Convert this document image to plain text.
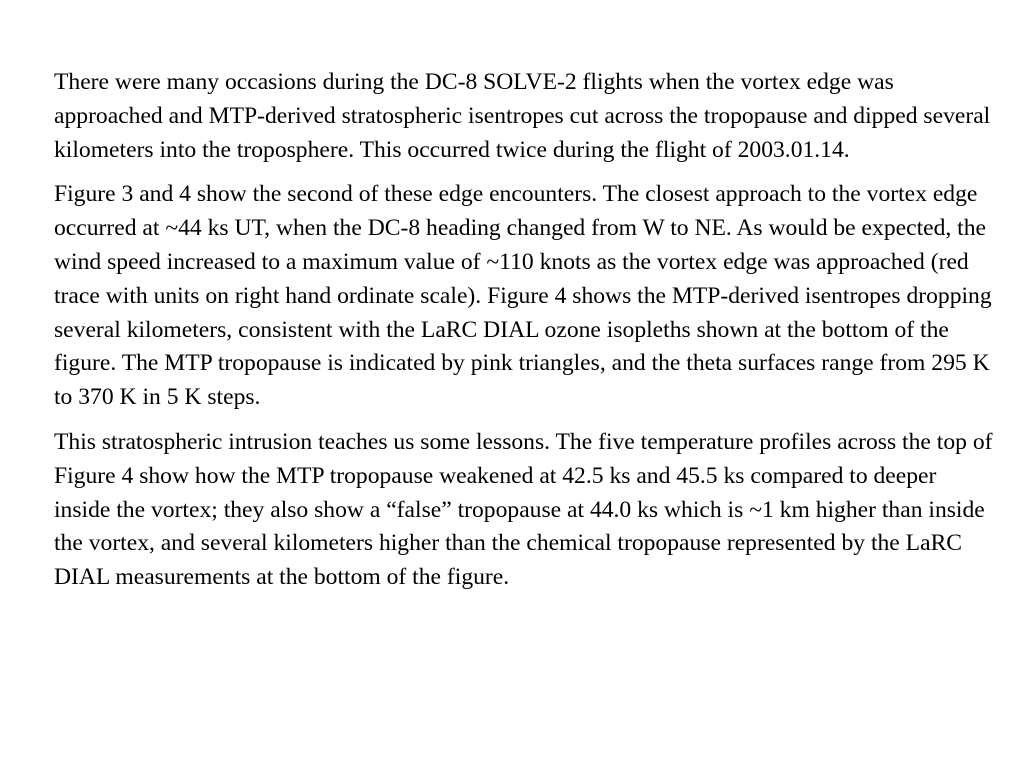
There were many occasions during the DC-8 SOLVE-2 flights when the vortex edge was approached and MTP-derived stratospheric isentropes cut across the tropopause and dipped several kilometers into the troposphere. This occurred twice during the flight of 2003.01.14.

Figure 3 and 4 show the second of these edge encounters. The closest approach to the vortex edge occurred at ~44 ks UT, when the DC-8 heading changed from W to NE. As would be expected, the wind speed increased to a maximum value of ~110 knots as the vortex edge was approached (red trace with units on right hand ordinate scale). Figure 4 shows the MTP-derived isentropes dropping several kilometers, consistent with the LaRC DIAL ozone isopleths shown at the bottom of the figure. The MTP tropopause is indicated by pink triangles, and the theta surfaces range from 295 K to 370 K in 5 K steps.

This stratospheric intrusion teaches us some lessons. The five temperature profiles across the top of Figure 4 show how the MTP tropopause weakened at 42.5 ks and 45.5 ks compared to deeper inside the vortex; they also show a “false” tropopause at 44.0 ks which is ~1 km higher than inside the vortex, and several kilometers higher than the chemical tropopause represented by the LaRC DIAL measurements at the bottom of the figure.
